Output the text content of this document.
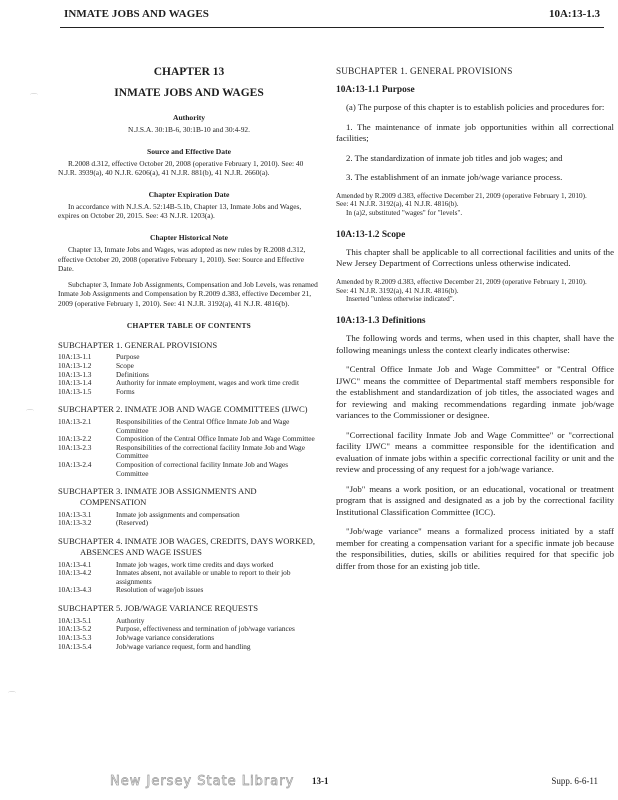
INMATE JOBS AND WAGES	10A:13-1.3
⌒
⌒
⌒
CHAPTER 13
INMATE JOBS AND WAGES
Authority

N.J.S.A. 30:1B-6, 30:1B-10 and 30:4-92.

Source and Effective Date

R.2008 d.312, effective October 20, 2008 (operative February 1, 2010). See: 40 N.J.R. 3939(a), 40 N.J.R. 6206(a), 41 N.J.R. 881(b), 41 N.J.R. 2660(a).

Chapter Expiration Date

In accordance with N.J.S.A. 52:14B-5.1b, Chapter 13, Inmate Jobs and Wages, expires on October 20, 2015. See: 43 N.J.R. 1203(a).

Chapter Historical Note

Chapter 13, Inmate Jobs and Wages, was adopted as new rules by R.2008 d.312, effective October 20, 2008 (operative February 1, 2010). See: Source and Effective Date.

Subchapter 3, Inmate Job Assignments, Compensation and Job Levels, was renamed Inmate Job Assignments and Compensation by R.2009 d.383, effective December 21, 2009 (operative February 1, 2010). See: 41 N.J.R. 3192(a), 41 N.J.R. 4816(b).

CHAPTER TABLE OF CONTENTS
SUBCHAPTER 1. GENERAL PROVISIONS
10A:13-1.1	Purpose
10A:13-1.2	Scope
10A:13-1.3	Definitions
10A:13-1.4	Authority for inmate employment, wages and work time credit
10A:13-1.5	Forms
SUBCHAPTER 2. INMATE JOB AND WAGE COMMITTEES (IJWC)
10A:13-2.1	Responsibilities of the Central Office Inmate Job and Wage Committee
10A:13-2.2	Composition of the Central Office Inmate Job and Wage Committee
10A:13-2.3	Responsibilities of the correctional facility Inmate Job and Wage Committee
10A:13-2.4	Composition of correctional facility Inmate Job and Wages Committee
SUBCHAPTER 3. INMATE JOB ASSIGNMENTS AND COMPENSATION
10A:13-3.1	Inmate job assignments and compensation
10A:13-3.2	(Reserved)
SUBCHAPTER 4. INMATE JOB WAGES, CREDITS, DAYS WORKED, ABSENCES AND WAGE ISSUES
10A:13-4.1	Inmate job wages, work time credits and days worked
10A:13-4.2	Inmates absent, not available or unable to report to their job assignments
10A:13-4.3	Resolution of wage/job issues
SUBCHAPTER 5. JOB/WAGE VARIANCE REQUESTS
10A:13-5.1	Authority
10A:13-5.2	Purpose, effectiveness and termination of job/wage variances
10A:13-5.3	Job/wage variance considerations
10A:13-5.4	Job/wage variance request, form and handling
SUBCHAPTER 1. GENERAL PROVISIONS
10A:13-1.1 Purpose

(a) The purpose of this chapter is to establish policies and procedures for:

1. The maintenance of inmate job opportunities within all correctional facilities;

2. The standardization of inmate job titles and job wages; and

3. The establishment of an inmate job/wage variance process.

Amended by R.2009 d.383, effective December 21, 2009 (operative February 1, 2010).

See: 41 N.J.R. 3192(a), 41 N.J.R. 4816(b).

In (a)2, substituted "wages" for "levels".

10A:13-1.2 Scope

This chapter shall be applicable to all correctional facilities and units of the New Jersey Department of Corrections unless otherwise indicated.

Amended by R.2009 d.383, effective December 21, 2009 (operative February 1, 2010).

See: 41 N.J.R. 3192(a), 41 N.J.R. 4816(b).

Inserted "unless otherwise indicated".

10A:13-1.3 Definitions

The following words and terms, when used in this chapter, shall have the following meanings unless the context clearly indicates otherwise:

"Central Office Inmate Job and Wage Committee" or "Central Office IJWC" means the committee of Departmental staff members responsible for the establishment and standardization of job titles, the associated wages and for reviewing and making recommendations regarding inmate job/wage variances to the Commissioner or designee.

"Correctional facility Inmate Job and Wage Committee" or "correctional facility IJWC" means a committee responsible for the identification and evaluation of inmate jobs within a specific correctional facility or unit and the review and processing of any request for a job/wage variance.

"Job" means a work position, or an educational, vocational or treatment program that is assigned and designated as a job by the correctional facility Institutional Classification Committee (ICC).

"Job/wage variance" means a formalized process initiated by a staff member for creating a compensation variant for a specific inmate job because the responsibilities, duties, skills or abilities required for that specific job differ from those for an existing job title.

New Jersey State Library 13-1	Supp. 6-6-11
